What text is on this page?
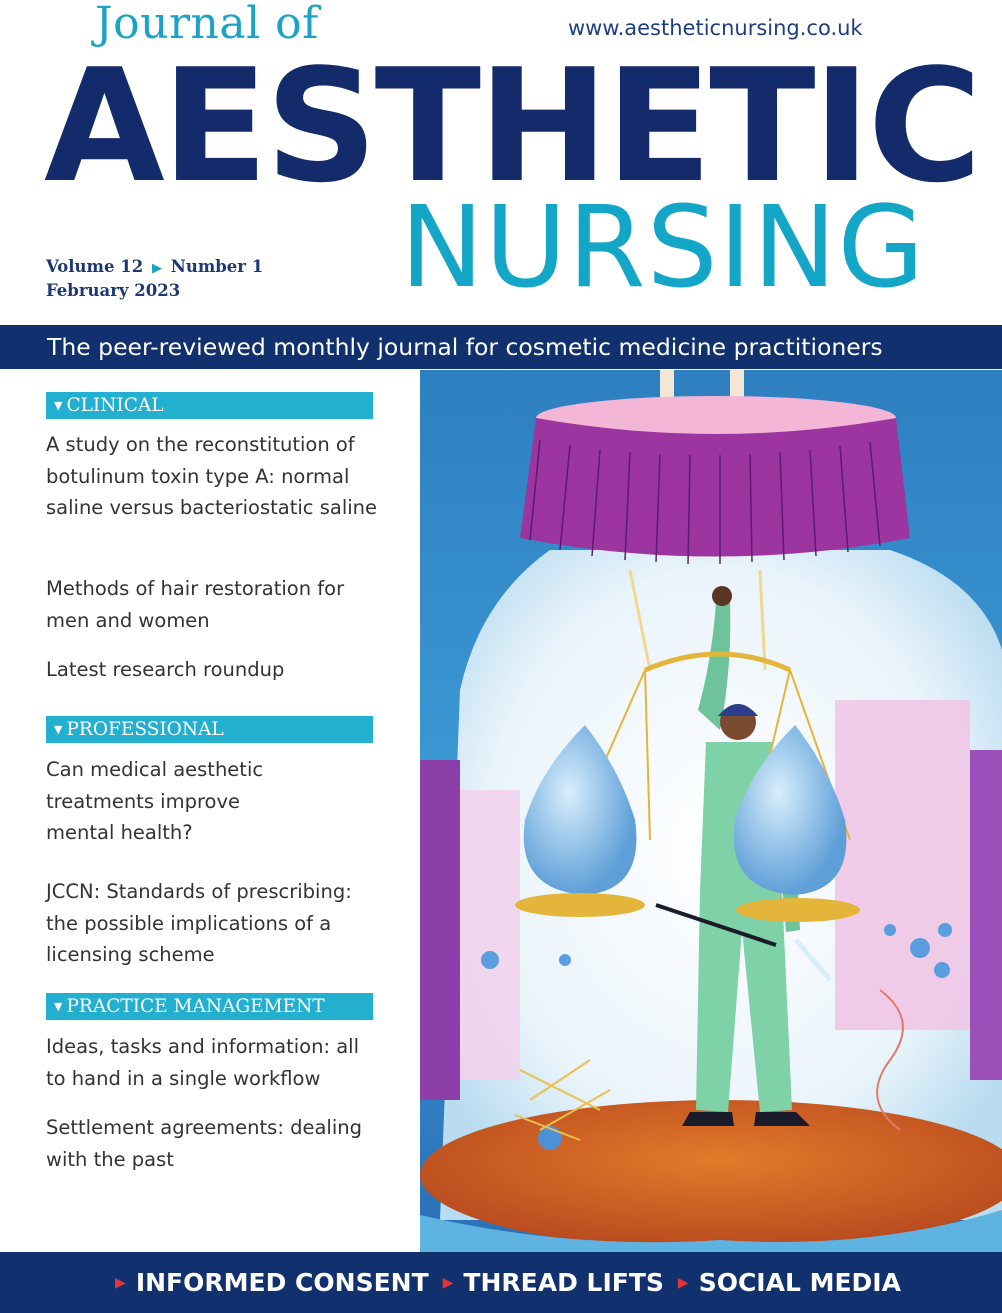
Journal of	www.aestheticnursing.co.uk
AESTHETIC
NURSING
Volume 12 ▶ Number 1
February 2023
The peer-reviewed monthly journal for cosmetic medicine practitioners
▼ CLINICAL
A study on the reconstitution of botulinum toxin type A: normal saline versus bacteriostatic saline
Methods of hair restoration for men and women
Latest research roundup
▼ PROFESSIONAL
Can medical aesthetic treatments improve mental health?
JCCN: Standards of prescribing: the possible implications of a licensing scheme
▼ PRACTICE MANAGEMENT
Ideas, tasks and information: all to hand in a single workflow
Settlement agreements: dealing with the past
▶ INFORMED CONSENT ▶ THREAD LIFTS ▶ SOCIAL MEDIA
